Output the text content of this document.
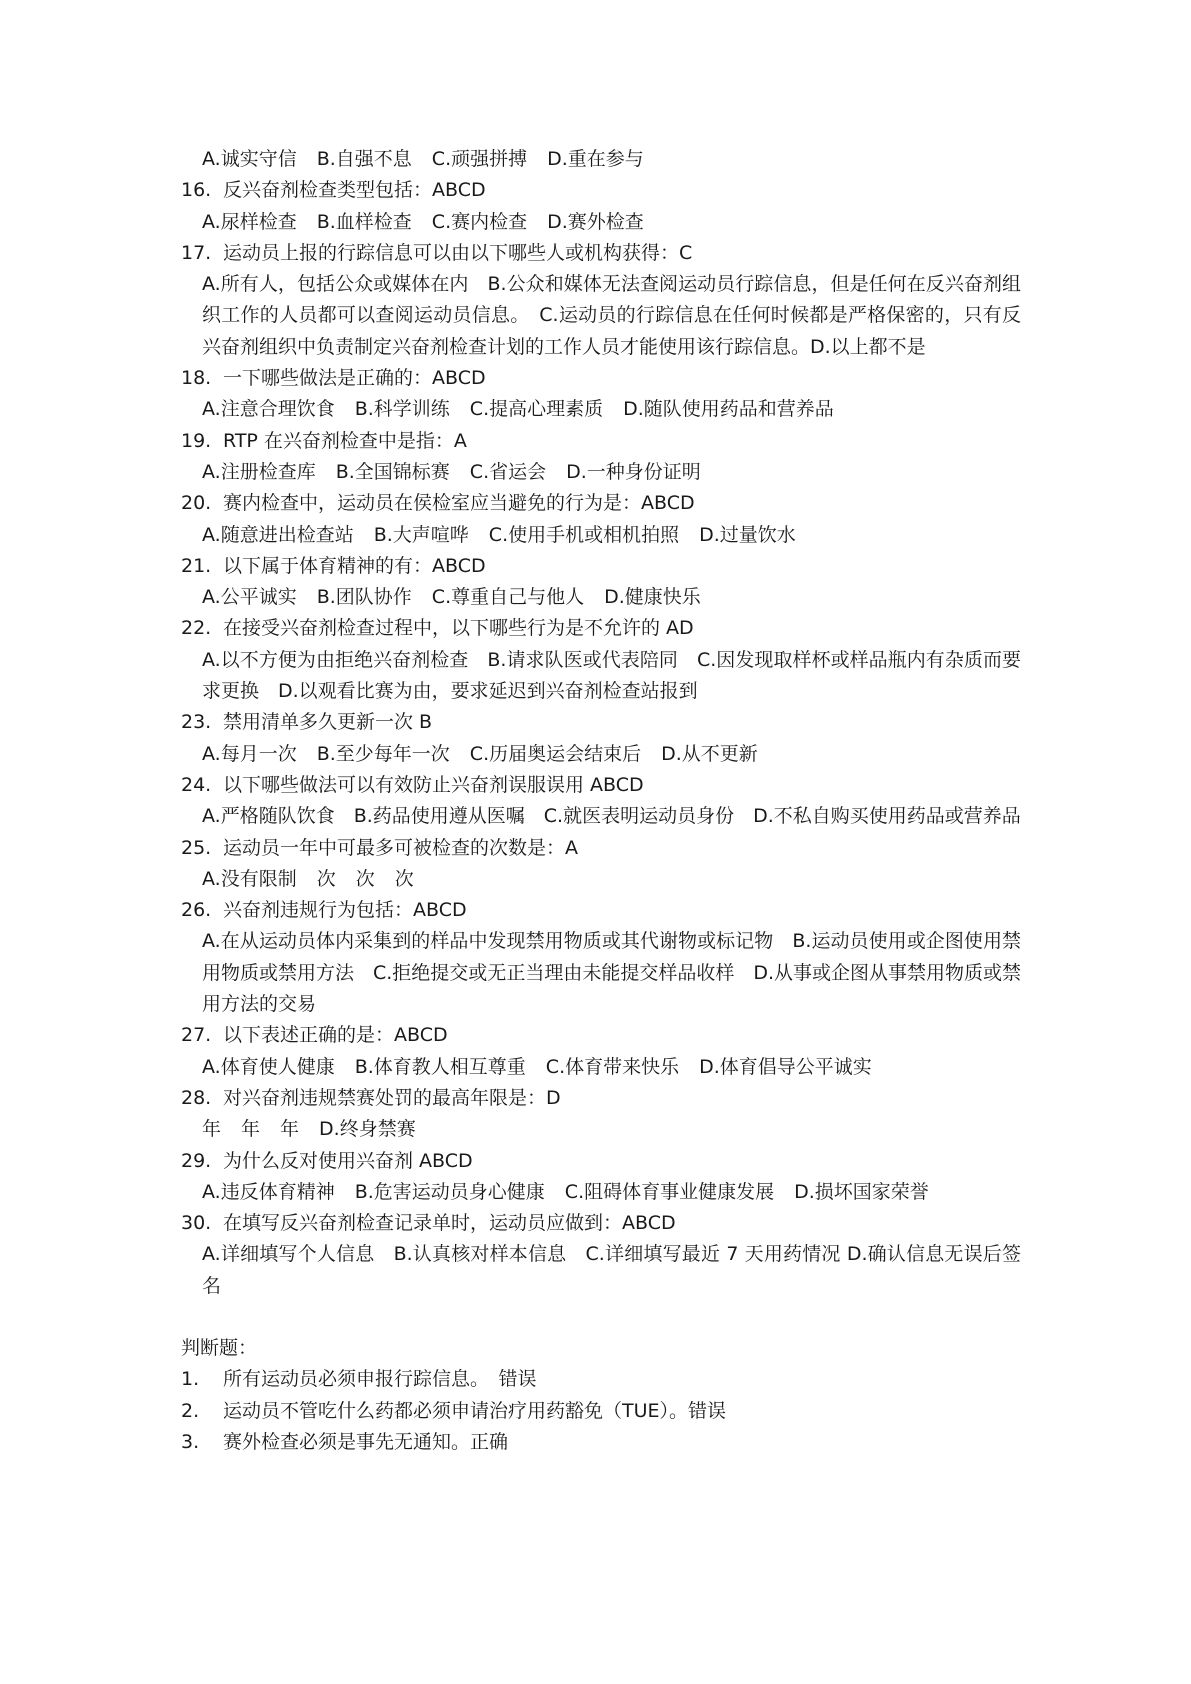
A.诚实守信 B.自强不息 C.顽强拼搏 D.重在参与
16. 反兴奋剂检查类型包括：ABCD
A.尿样检查 B.血样检查 C.赛内检查 D.赛外检查
17. 运动员上报的行踪信息可以由以下哪些人或机构获得：C
A.所有人，包括公众或媒体在内　B.公众和媒体无法查阅运动员行踪信息，但是任何在反兴奋剂组织工作的人员都可以查阅运动员信息。　C.运动员的行踪信息在任何时候都是严格保密的，只有反兴奋剂组织中负责制定兴奋剂检查计划的工作人员才能使用该行踪信息。D.以上都不是
18. 一下哪些做法是正确的：ABCD
A.注意合理饮食 B.科学训练 C.提高心理素质 D.随队使用药品和营养品
19. RTP 在兴奋剂检查中是指：A
A.注册检查库 B.全国锦标赛 C.省运会 D.一种身份证明
20. 赛内检查中，运动员在侯检室应当避免的行为是：ABCD
A.随意进出检查站 B.大声喧哗 C.使用手机或相机拍照 D.过量饮水
21. 以下属于体育精神的有：ABCD
A.公平诚实 B.团队协作 C.尊重自己与他人 D.健康快乐
22. 在接受兴奋剂检查过程中，以下哪些行为是不允许的 AD
A.以不方便为由拒绝兴奋剂检查　B.请求队医或代表陪同　C.因发现取样杯或样品瓶内有杂质而要求更换　D.以观看比赛为由，要求延迟到兴奋剂检查站报到
23. 禁用清单多久更新一次 B
A.每月一次 B.至少每年一次 C.历届奥运会结束后 D.从不更新
24. 以下哪些做法可以有效防止兴奋剂误服误用 ABCD
A.严格随队饮食　B.药品使用遵从医嘱　C.就医表明运动员身份　D.不私自购买使用药品或营养品
25. 运动员一年中可最多可被检查的次数是：A
A.没有限制 次 次 次
26. 兴奋剂违规行为包括：ABCD
A.在从运动员体内采集到的样品中发现禁用物质或其代谢物或标记物　B.运动员使用或企图使用禁用物质或禁用方法　C.拒绝提交或无正当理由未能提交样品收样　D.从事或企图从事禁用物质或禁用方法的交易
27. 以下表述正确的是：ABCD
A.体育使人健康 B.体育教人相互尊重 C.体育带来快乐 D.体育倡导公平诚实
28. 对兴奋剂违规禁赛处罚的最高年限是：D
年 年 年 D.终身禁赛
29. 为什么反对使用兴奋剂 ABCD
A.违反体育精神 B.危害运动员身心健康 C.阻碍体育事业健康发展 D.损坏国家荣誉
30. 在填写反兴奋剂检查记录单时，运动员应做到：ABCD
A.详细填写个人信息　B.认真核对样本信息　C.详细填写最近 7 天用药情况 D.确认信息无误后签名
判断题：
1.	所有运动员必须申报行踪信息。　错误
2.	运动员不管吃什么药都必须申请治疗用药豁免（TUE）。错误
3.	赛外检查必须是事先无通知。正确
